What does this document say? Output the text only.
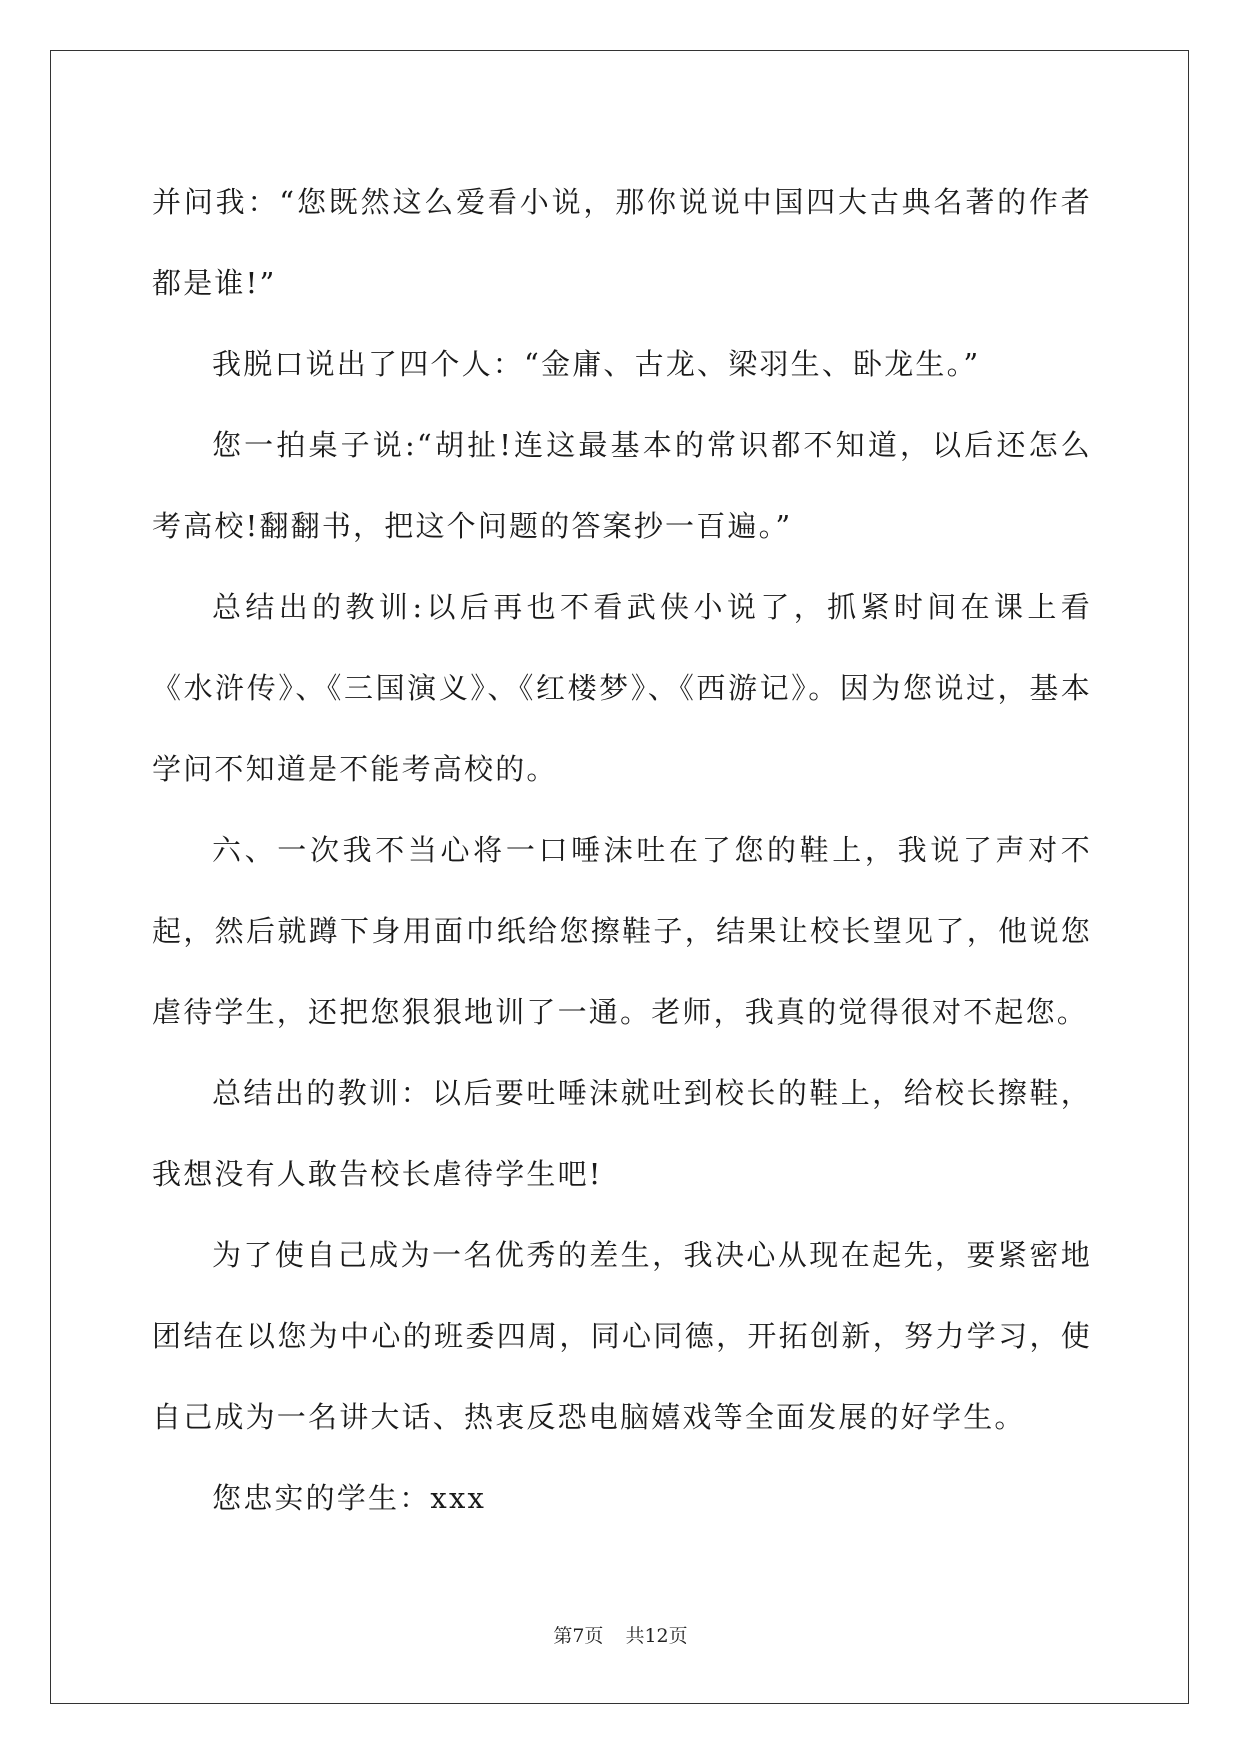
并问我：“您既然这么爱看小说，那你说说中国四大古典名著的作者都是谁!”

我脱口说出了四个人：“金庸、古龙、梁羽生、卧龙生。”

您一拍桌子说:“胡扯!连这最基本的常识都不知道，以后还怎么考高校!翻翻书，把这个问题的答案抄一百遍。”

总结出的教训:以后再也不看武侠小说了，抓紧时间在课上看《水浒传》、《三国演义》、《红楼梦》、《西游记》。因为您说过，基本学问不知道是不能考高校的。

六、一次我不当心将一口唾沫吐在了您的鞋上，我说了声对不起，然后就蹲下身用面巾纸给您擦鞋子，结果让校长望见了，他说您虐待学生，还把您狠狠地训了一通。老师，我真的觉得很对不起您。

总结出的教训：以后要吐唾沫就吐到校长的鞋上，给校长擦鞋，我想没有人敢告校长虐待学生吧!

为了使自己成为一名优秀的差生，我决心从现在起先，要紧密地团结在以您为中心的班委四周，同心同德，开拓创新，努力学习，使自己成为一名讲大话、热衷反恐电脑嬉戏等全面发展的好学生。

您忠实的学生：xxx

第7页 共12页
